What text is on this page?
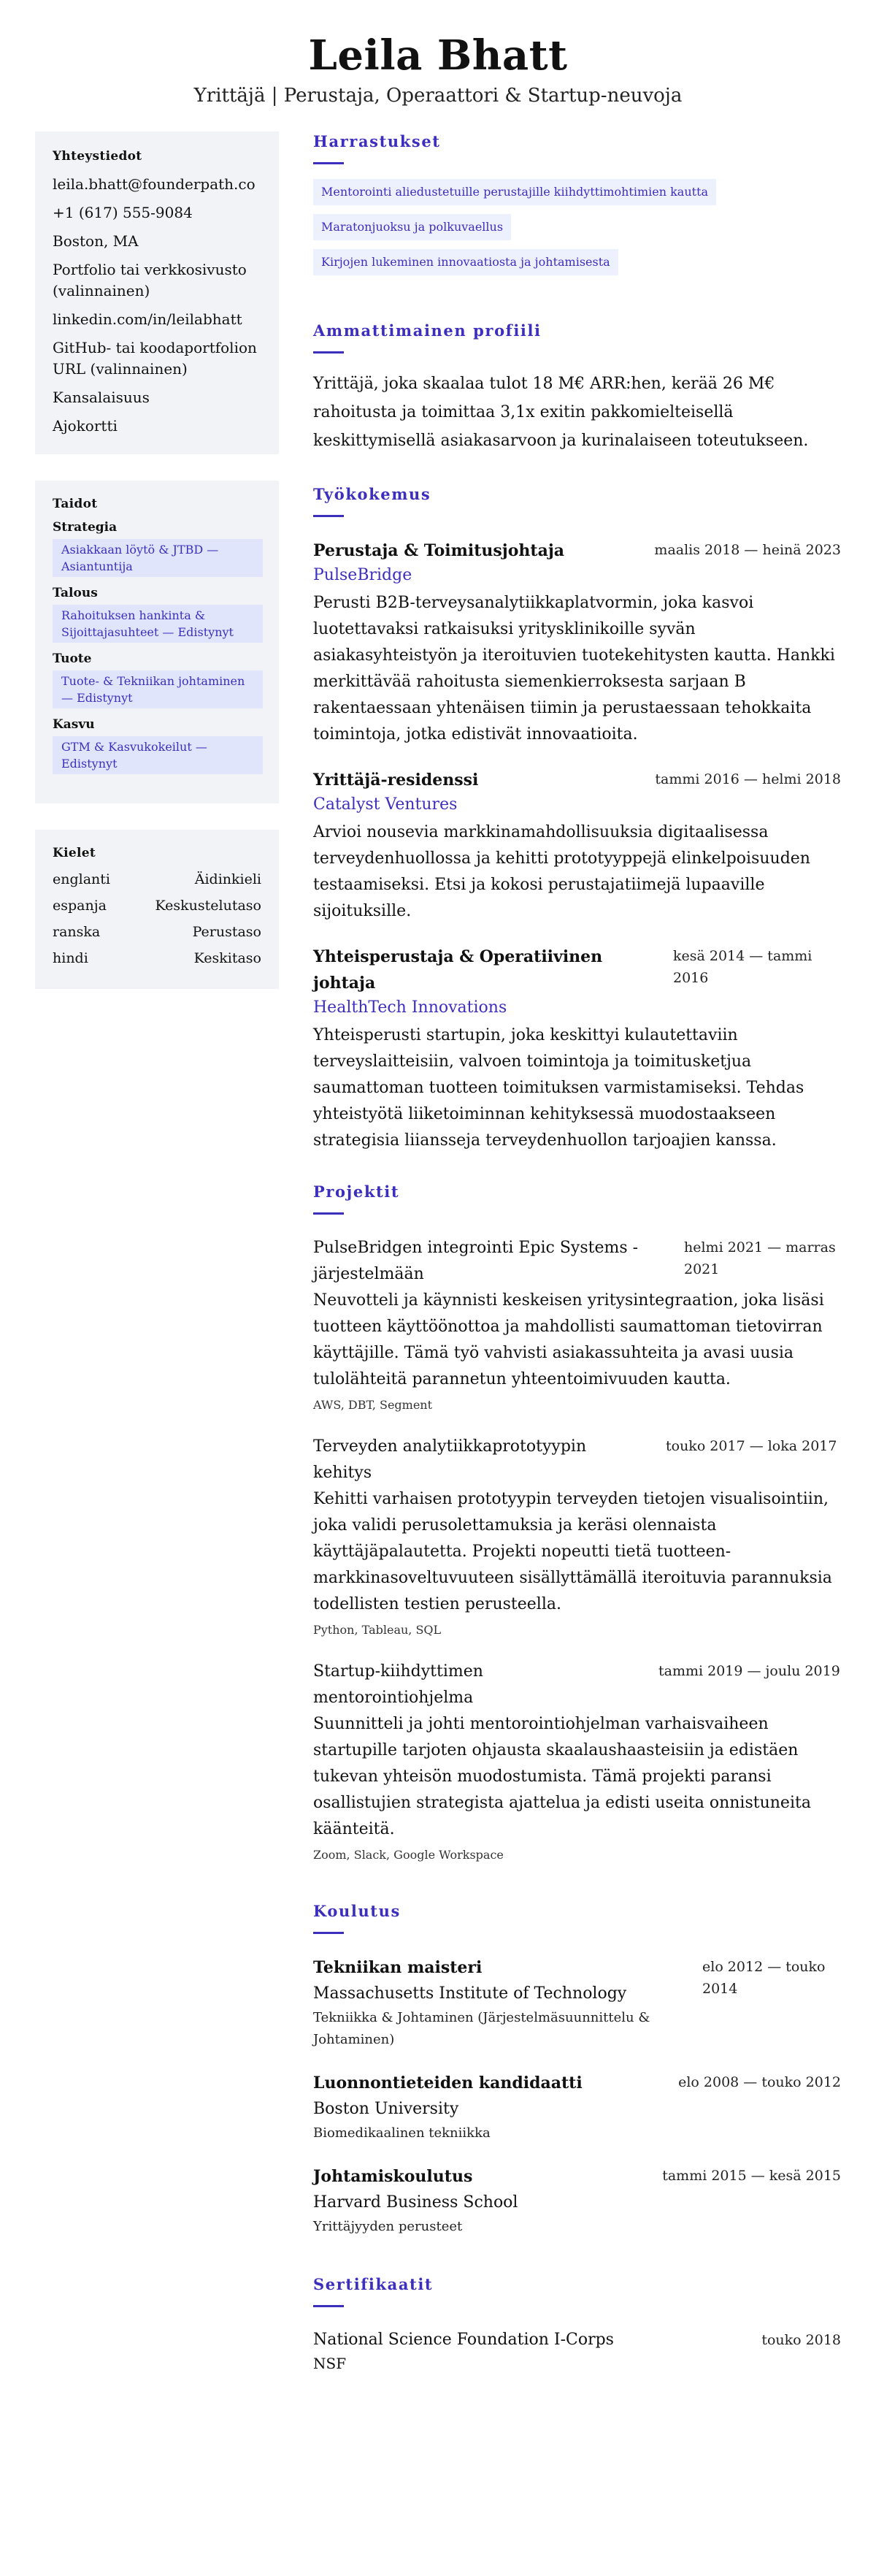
Leila Bhatt
Yrittäjä | Perustaja, Operaattori & Startup-neuvoja
Yhteystiedot
leila.bhatt@founderpath.co
+1 (617) 555-9084
Boston, MA
Portfolio tai verkkosivusto (valinnainen)
linkedin.com/in/leilabhatt
GitHub- tai koodaportfolion URL (valinnainen)
Kansalaisuus
Ajokortti
Taidot
Strategia
Asiakkaan löytö & JTBD — Asiantuntija
Talous
Rahoituksen hankinta & Sijoittajasuhteet — Edistynyt
Tuote
Tuote- & Tekniikan johtaminen — Edistynyt
Kasvu
GTM & Kasvukokeilut — Edistynyt
Kielet
englanti	Äidinkieli
espanja	Keskustelutaso
ranska	Perustaso
hindi	Keskitaso
Harrastukset
Mentorointi aliedustetuille perustajille kiihdyttimohtimien kautta
Maratonjuoksu ja polkuvaellus
Kirjojen lukeminen innovaatiosta ja johtamisesta
Ammattimainen profiili

Yrittäjä, joka skaalaa tulot 18 M€ ARR:hen, kerää 26 M€ rahoitusta ja toimittaa 3,1x exitin pakkomielteisellä keskittymisellä asiakasarvoon ja kurinalaiseen toteutukseen.

Työkokemus
Perustaja & Toimitusjohtaja	maalis 2018 — heinä 2023
PulseBridge

Perusti B2B-terveysanalytiikkaplatvormin, joka kasvoi luotettavaksi ratkaisuksi yritysklinikoille syvän asiakasyhteistyön ja iteroituvien tuotekehitysten kautta. Hankki merkittävää rahoitusta siemenkierroksesta sarjaan B rakentaessaan yhtenäisen tiimin ja perustaessaan tehokkaita toimintoja, jotka edistivät innovaatioita.

Yrittäjä-residenssi	tammi 2016 — helmi 2018
Catalyst Ventures

Arvioi nousevia markkinamahdollisuuksia digitaalisessa terveydenhuollossa ja kehitti prototyyppejä elinkelpoisuuden testaamiseksi. Etsi ja kokosi perustajatiimejä lupaaville sijoituksille.

Yhteisperustaja & Operatiivinen johtaja
kesä 2014 — tammi 2016
HealthTech Innovations

Yhteisperusti startupin, joka keskittyi kulautettaviin terveyslaitteisiin, valvoen toimintoja ja toimitusketjua saumattoman tuotteen toimituksen varmistamiseksi. Tehdas yhteistyötä liiketoiminnan kehityksessä muodostaakseen strategisia liiansseja terveydenhuollon tarjoajien kanssa.

Projektit
PulseBridgen integrointi Epic Systems -järjestelmään
helmi 2021 — marras 2021

Neuvotteli ja käynnisti keskeisen yritysintegraation, joka lisäsi tuotteen käyttöönottoa ja mahdollisti saumattoman tietovirran käyttäjille. Tämä työ vahvisti asiakassuhteita ja avasi uusia tulolähteitä parannetun yhteentoimivuuden kautta.

AWS, DBT, Segment
Terveyden analytiikkaprototyypin kehitys
touko 2017 — loka 2017

Kehitti varhaisen prototyypin terveyden tietojen visualisointiin, joka validi perusolettamuksia ja keräsi olennaista käyttäjäpalautetta. Projekti nopeutti tietä tuotteen-markkinasoveltuvuuteen sisällyttämällä iteroituvia parannuksia todellisten testien perusteella.

Python, Tableau, SQL
Startup-kiihdyttimen mentorointiohjelma
tammi 2019 — joulu 2019

Suunnitteli ja johti mentorointiohjelman varhaisvaiheen startupille tarjoten ohjausta skaalaushaasteisiin ja edistäen tukevan yhteisön muodostumista. Tämä projekti paransi osallistujien strategista ajattelua ja edisti useita onnistuneita käänteitä.

Zoom, Slack, Google Workspace
Koulutus
Tekniikan maisteri
Massachusetts Institute of Technology
Tekniikka & Johtaminen (Järjestelmäsuunnittelu & Johtaminen)
elo 2012 — touko 2014
Luonnontieteiden kandidaatti
Boston University
Biomedikaalinen tekniikka
elo 2008 — touko 2012
Johtamiskoulutus
Harvard Business School
Yrittäjyyden perusteet
tammi 2015 — kesä 2015
Sertifikaatit
National Science Foundation I-Corps	touko 2018
NSF
